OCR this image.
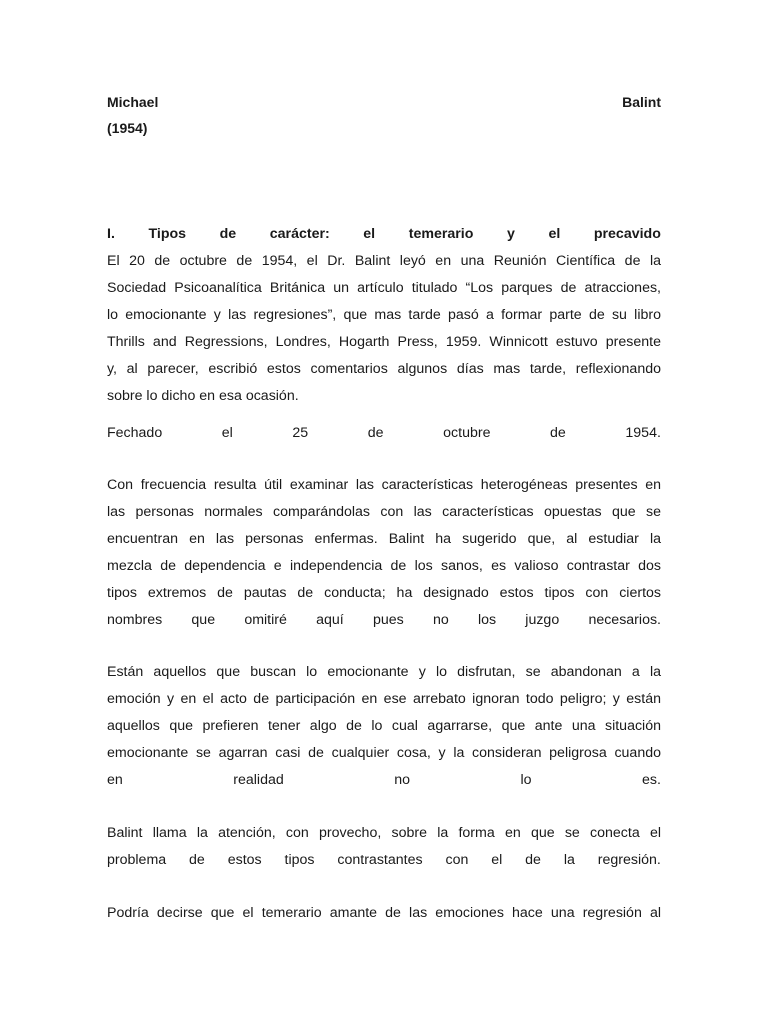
Michael	Balint
(1954)
I. Tipos de carácter: el temerario y el precavido
El 20 de octubre de 1954, el Dr. Balint leyó en una Reunión Científica de la
Sociedad Psicoanalítica Británica un artículo titulado “Los parques de atracciones,
lo emocionante y las regresiones”, que mas tarde pasó a formar parte de su libro
Thrills and Regressions, Londres, Hogarth Press, 1959. Winnicott estuvo presente
y, al parecer, escribió estos comentarios algunos días mas tarde, reflexionando
sobre lo dicho en esa ocasión.
Fechado	el	25	de	octubre	de	1954.
Con frecuencia resulta útil examinar las características heterogéneas presentes en
las personas normales comparándolas con las características opuestas que se
encuentran en las personas enfermas. Balint ha sugerido que, al estudiar la
mezcla de dependencia e independencia de los sanos, es valioso contrastar dos
tipos extremos de pautas de conducta; ha designado estos tipos con ciertos
nombres que omitiré aquí pues no los juzgo necesarios.
Están aquellos que buscan lo emocionante y lo disfrutan, se abandonan a la
emoción y en el acto de participación en ese arrebato ignoran todo peligro; y están
aquellos que prefieren tener algo de lo cual agarrarse, que ante una situación
emocionante se agarran casi de cualquier cosa, y la consideran peligrosa cuando
en	realidad	no	lo	es.
Balint llama la atención, con provecho, sobre la forma en que se conecta el
problema de estos tipos contrastantes con el de la regresión.
Podría decirse que el temerario amante de las emociones hace una regresión al
